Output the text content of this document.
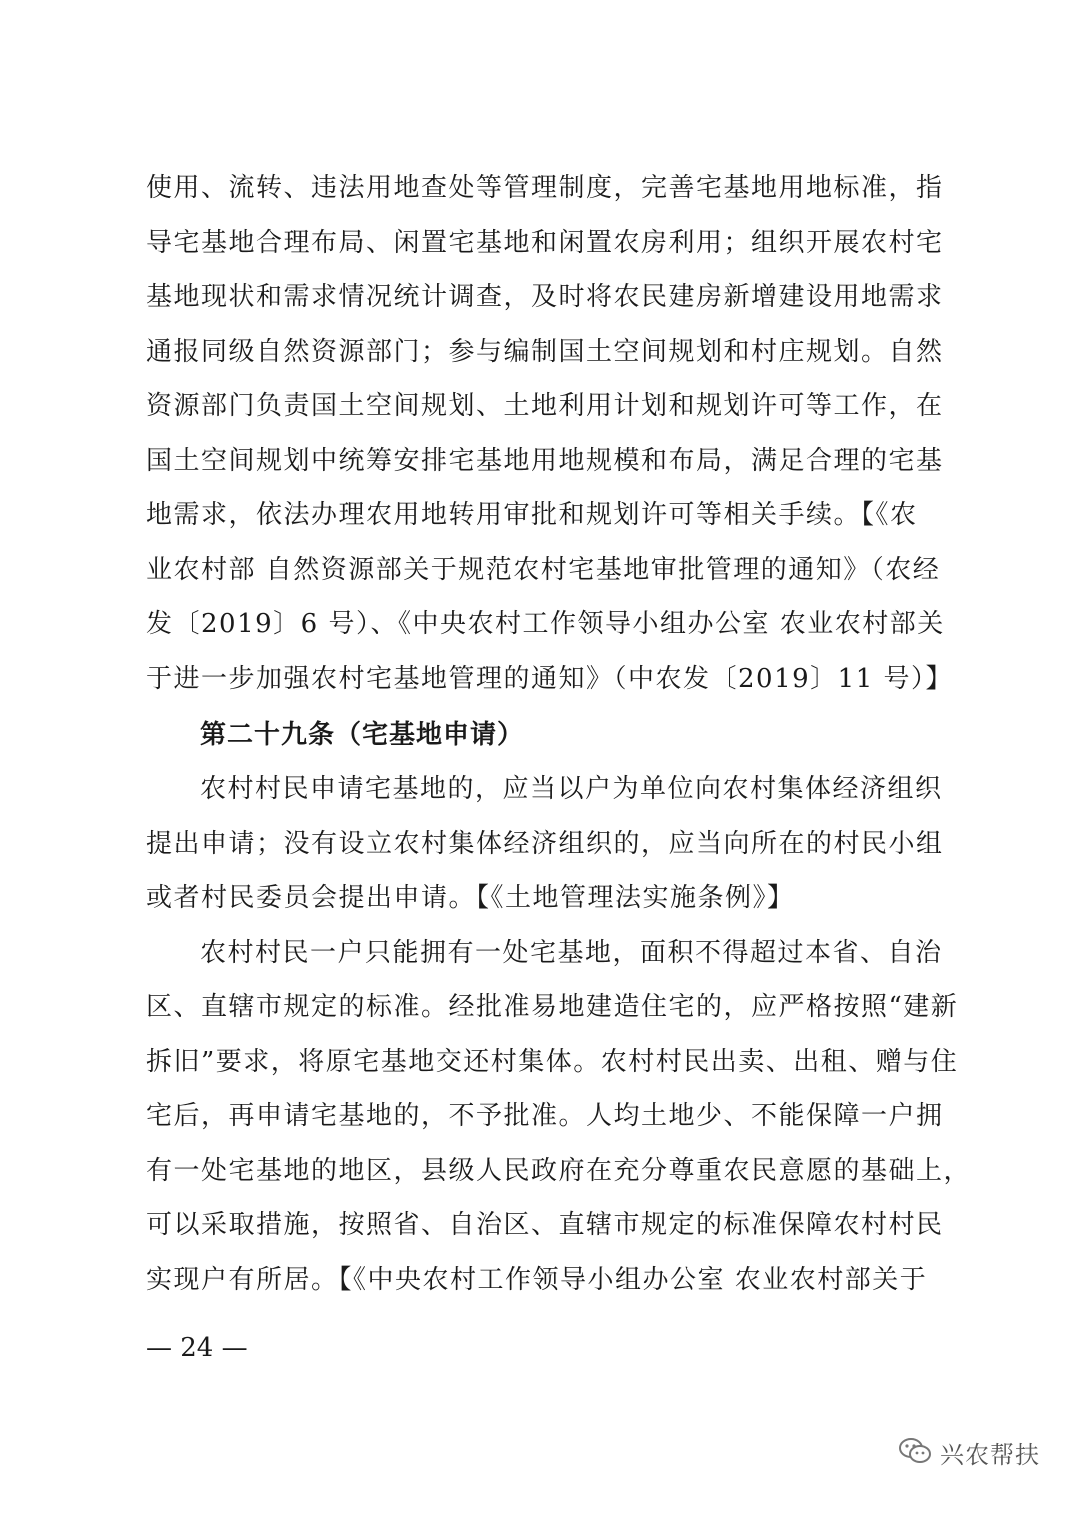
使用、流转、违法用地查处等管理制度，完善宅基地用地标准，指
导宅基地合理布局、闲置宅基地和闲置农房利用；组织开展农村宅
基地现状和需求情况统计调查，及时将农民建房新增建设用地需求
通报同级自然资源部门；参与编制国土空间规划和村庄规划。自然
资源部门负责国土空间规划、土地利用计划和规划许可等工作，在
国土空间规划中统筹安排宅基地用地规模和布局，满足合理的宅基
地需求，依法办理农用地转用审批和规划许可等相关手续。【《农
业农村部 自然资源部关于规范农村宅基地审批管理的通知》（农经
发〔2019〕6 号）、《中央农村工作领导小组办公室 农业农村部关
于进一步加强农村宅基地管理的通知》（中农发〔2019〕11 号）】
第二十九条（宅基地申请）
农村村民申请宅基地的，应当以户为单位向农村集体经济组织
提出申请；没有设立农村集体经济组织的，应当向所在的村民小组
或者村民委员会提出申请。【《土地管理法实施条例》】
农村村民一户只能拥有一处宅基地，面积不得超过本省、自治
区、直辖市规定的标准。经批准易地建造住宅的，应严格按照“建新
拆旧”要求，将原宅基地交还村集体。农村村民出卖、出租、赠与住
宅后，再申请宅基地的，不予批准。人均土地少、不能保障一户拥
有一处宅基地的地区，县级人民政府在充分尊重农民意愿的基础上，
可以采取措施，按照省、自治区、直辖市规定的标准保障农村村民
实现户有所居。【《中央农村工作领导小组办公室 农业农村部关于
— 24 —
兴农帮扶
